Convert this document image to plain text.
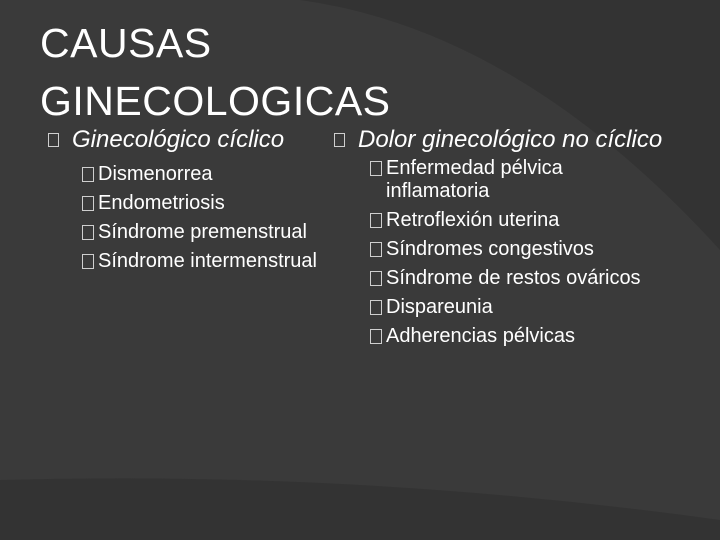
CAUSAS
GINECOLOGICAS
Ginecológico cíclico
Dismenorrea
Endometriosis
Síndrome premenstrual
Síndrome intermenstrual
Dolor ginecológico no cíclico
Enfermedad pélvica inflamatoria
Retroflexión uterina
Síndromes congestivos
Síndrome de restos ováricos
Dispareunia
Adherencias pélvicas
